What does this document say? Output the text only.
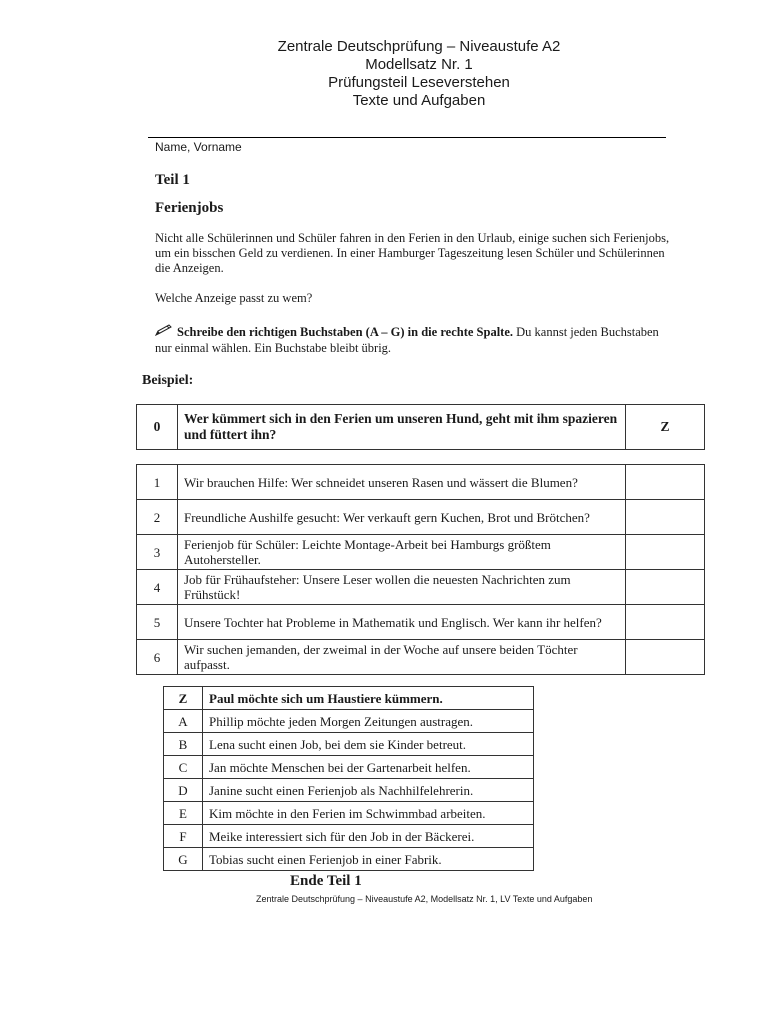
Zentrale Deutschprüfung – Niveaustufe A2
Modellsatz Nr. 1
Prüfungsteil Leseverstehen
Texte und Aufgaben
Name, Vorname
Teil 1
Ferienjobs
Nicht alle Schülerinnen und Schüler fahren in den Ferien in den Urlaub, einige suchen sich Ferienjobs, um ein bisschen Geld zu verdienen. In einer Hamburger Tageszeitung lesen Schüler und Schülerinnen die Anzeigen.
Welche Anzeige passt zu wem?
Schreibe den richtigen Buchstaben (A – G) in die rechte Spalte. Du kannst jeden Buchstaben nur einmal wählen. Ein Buchstabe bleibt übrig.
Beispiel:
0	Wer kümmert sich in den Ferien um unseren Hund, geht mit ihm spazieren und füttert ihn?	Z
1	Wir brauchen Hilfe: Wer schneidet unseren Rasen und wässert die Blumen?	
2	Freundliche Aushilfe gesucht: Wer verkauft gern Kuchen, Brot und Brötchen?	
3	Ferienjob für Schüler: Leichte Montage-Arbeit bei Hamburgs größtem Autohersteller.	
4	Job für Frühaufsteher: Unsere Leser wollen die neuesten Nachrichten zum Frühstück!	
5	Unsere Tochter hat Probleme in Mathematik und Englisch. Wer kann ihr helfen?	
6	Wir suchen jemanden, der zweimal in der Woche auf unsere beiden Töchter aufpasst.	
Z	Paul möchte sich um Haustiere kümmern.
A	Phillip möchte jeden Morgen Zeitungen austragen.
B	Lena sucht einen Job, bei dem sie Kinder betreut.
C	Jan möchte Menschen bei der Gartenarbeit helfen.
D	Janine sucht einen Ferienjob als Nachhilfelehrerin.
E	Kim möchte in den Ferien im Schwimmbad arbeiten.
F	Meike interessiert sich für den Job in der Bäckerei.
G	Tobias sucht einen Ferienjob in einer Fabrik.
Ende Teil 1
Zentrale Deutschprüfung – Niveaustufe A2, Modellsatz Nr. 1, LV Texte und Aufgaben
